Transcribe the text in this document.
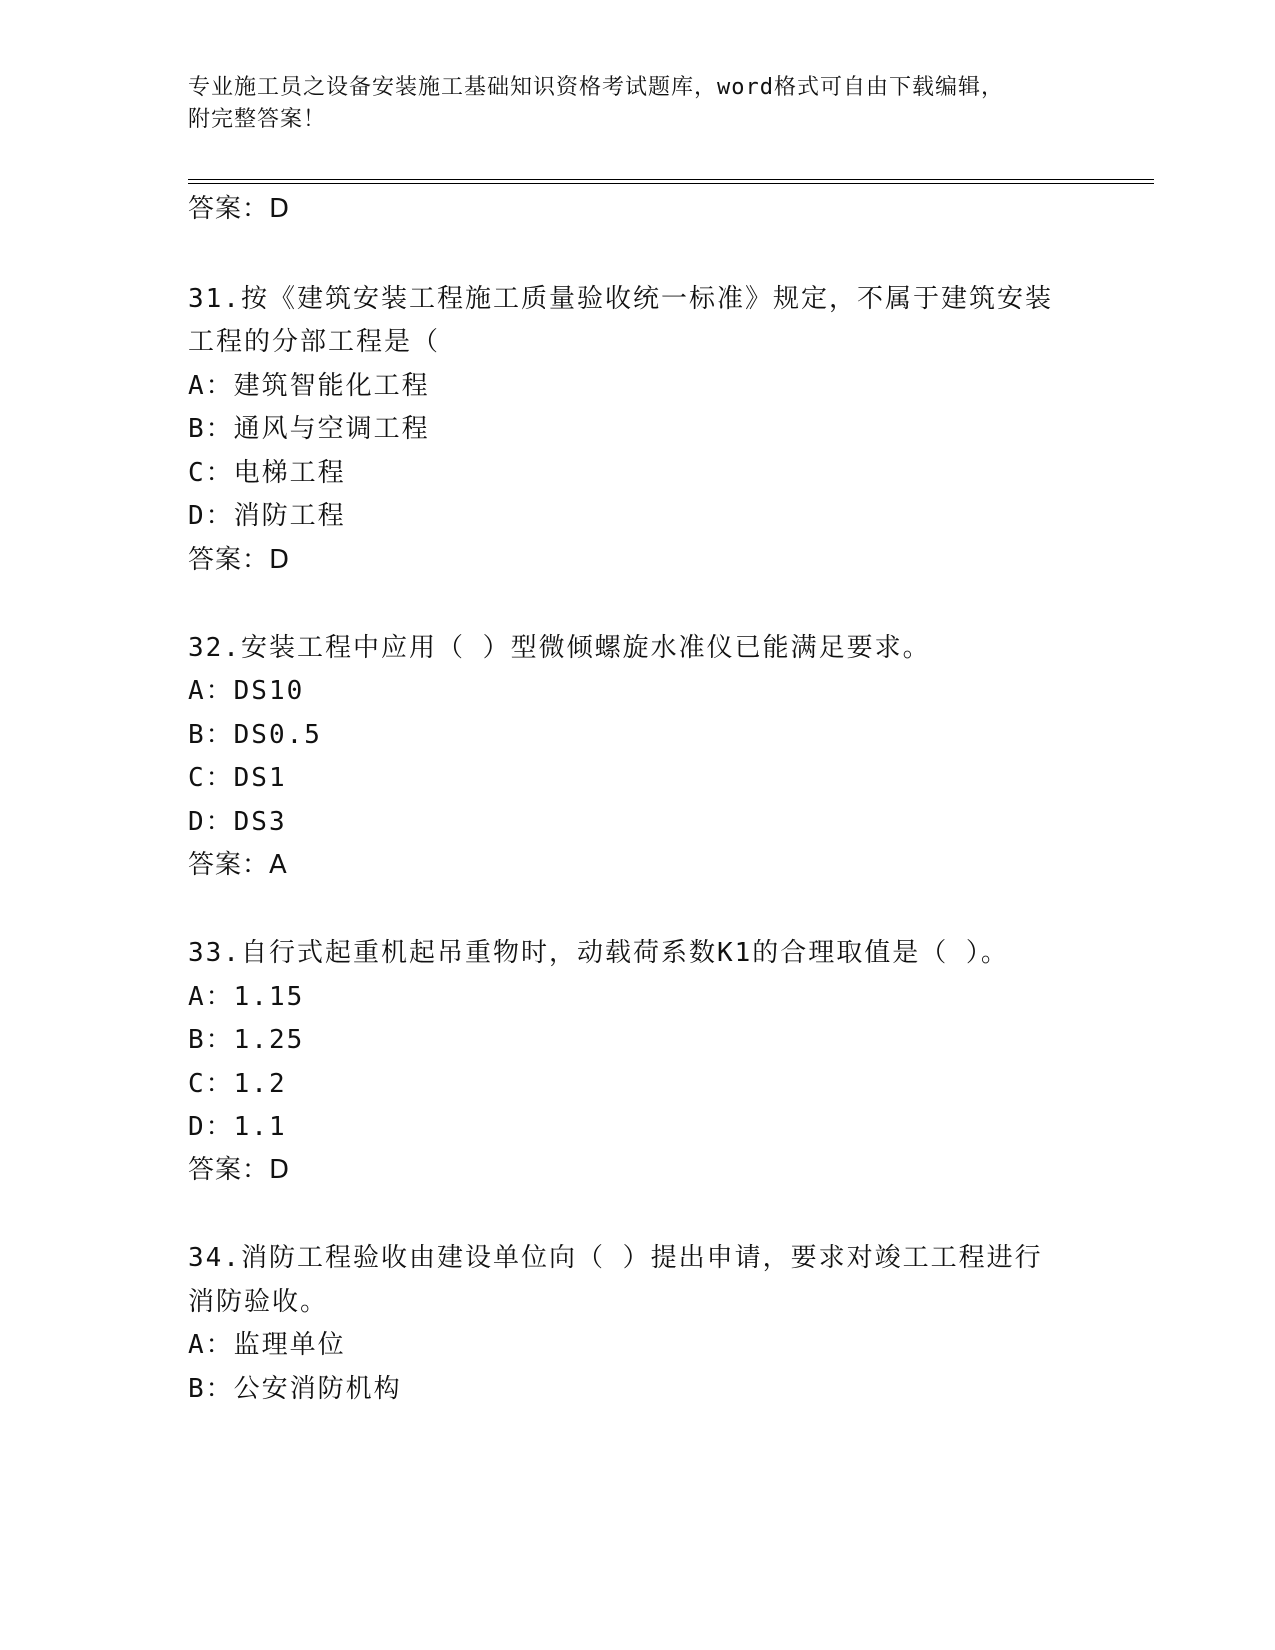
专业施工员之设备安装施工基础知识资格考试题库，word格式可自由下载编辑，
附完整答案！
答案：D
31.按《建筑安装工程施工质量验收统一标准》规定，不属于建筑安装
工程的分部工程是（
A：建筑智能化工程
B：通风与空调工程
C：电梯工程
D：消防工程
答案：D
32.安装工程中应用（ ）型微倾螺旋水准仪已能满足要求。
A：DS10
B：DS0.5
C：DS1
D：DS3
答案：A
33.自行式起重机起吊重物时，动载荷系数K1的合理取值是（ ）。
A：1.15
B：1.25
C：1.2
D：1.1
答案：D
34.消防工程验收由建设单位向（ ）提出申请，要求对竣工工程进行
消防验收。
A：监理单位
B：公安消防机构
